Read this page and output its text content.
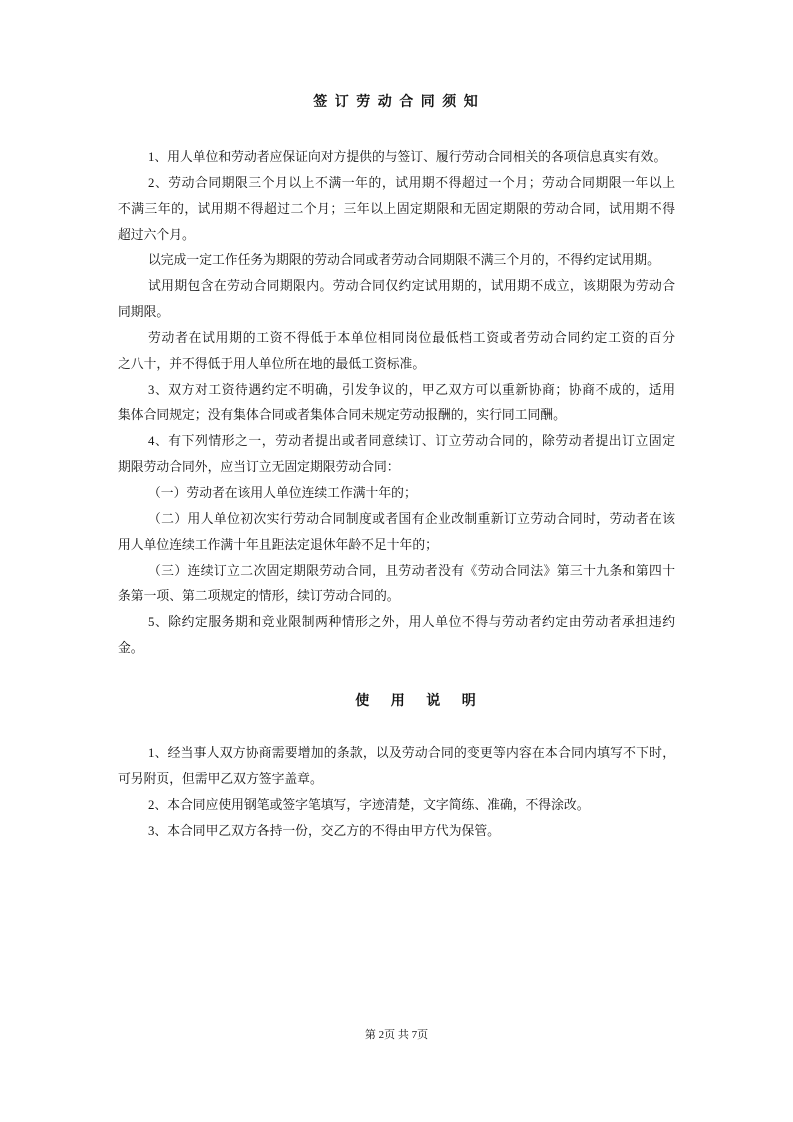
签 订 劳 动 合 同 须 知
1、用人单位和劳动者应保证向对方提供的与签订、履行劳动合同相关的各项信息真实有效。
2、劳动合同期限三个月以上不满一年的，试用期不得超过一个月；劳动合同期限一年以上
不满三年的，试用期不得超过二个月；三年以上固定期限和无固定期限的劳动合同，试用期不得
超过六个月。
以完成一定工作任务为期限的劳动合同或者劳动合同期限不满三个月的，不得约定试用期。
试用期包含在劳动合同期限内。劳动合同仅约定试用期的，试用期不成立，该期限为劳动合
同期限。
劳动者在试用期的工资不得低于本单位相同岗位最低档工资或者劳动合同约定工资的百分
之八十，并不得低于用人单位所在地的最低工资标准。
3、双方对工资待遇约定不明确，引发争议的，甲乙双方可以重新协商；协商不成的，适用
集体合同规定；没有集体合同或者集体合同未规定劳动报酬的，实行同工同酬。
4、有下列情形之一，劳动者提出或者同意续订、订立劳动合同的，除劳动者提出订立固定
期限劳动合同外，应当订立无固定期限劳动合同：
（一）劳动者在该用人单位连续工作满十年的；
（二）用人单位初次实行劳动合同制度或者国有企业改制重新订立劳动合同时，劳动者在该
用人单位连续工作满十年且距法定退休年龄不足十年的；
（三）连续订立二次固定期限劳动合同，且劳动者没有《劳动合同法》第三十九条和第四十
条第一项、第二项规定的情形，续订劳动合同的。
5、除约定服务期和竞业限制两种情形之外，用人单位不得与劳动者约定由劳动者承担违约
金。
使 用 说 明
1、经当事人双方协商需要增加的条款，以及劳动合同的变更等内容在本合同内填写不下时，
可另附页，但需甲乙双方签字盖章。
2、本合同应使用钢笔或签字笔填写，字迹清楚，文字简练、准确，不得涂改。
3、本合同甲乙双方各持一份，交乙方的不得由甲方代为保管。
第 2页 共 7页
